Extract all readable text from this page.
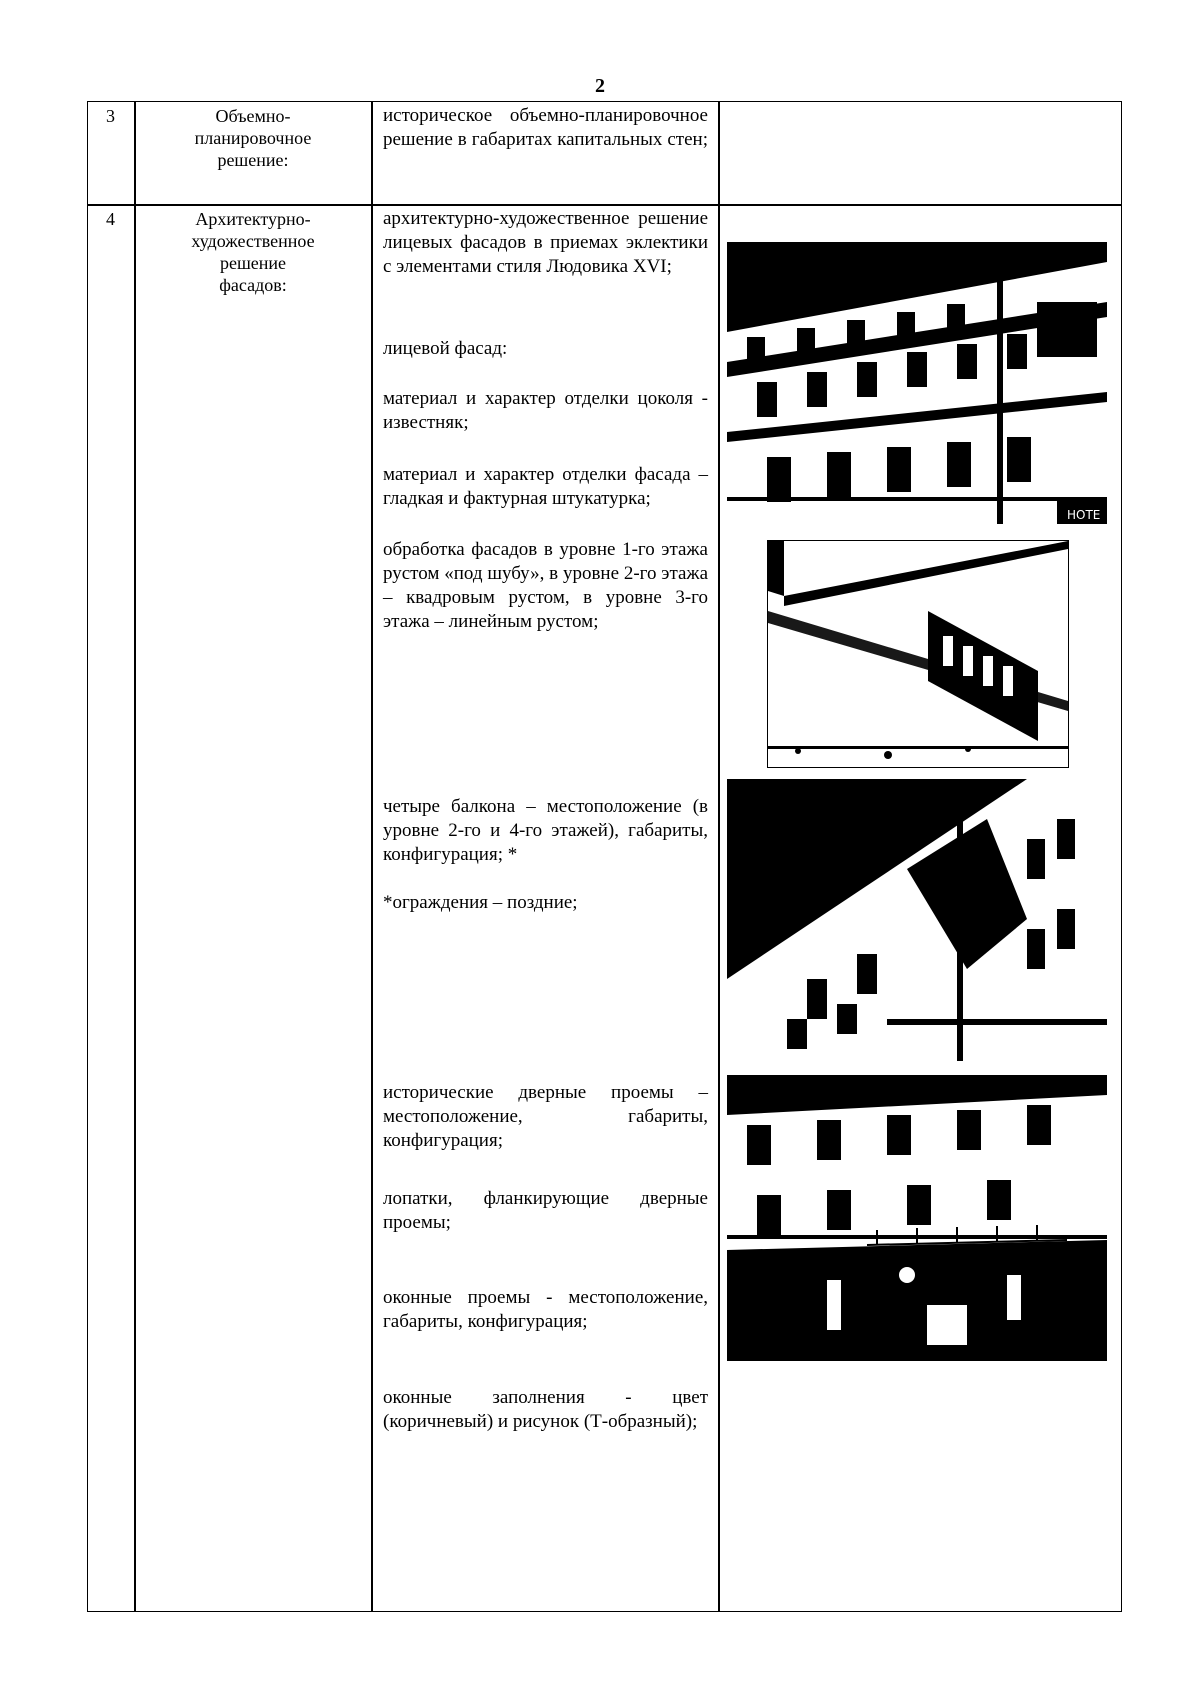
2
3	Объемно-
планировочное
решение:
историческое объемно-планировочное решение в габаритах капитальных стен;
4	Архитектурно-
художественное
решение
фасадов:
архитектурно-художественное решение лицевых фасадов в приемах эклектики с элементами стиля Людовика XVI;
лицевой фасад:
материал и характер отделки цоколя - известняк;
материал и характер отделки фасада – гладкая и фактурная штукатурка;
обработка фасадов в уровне 1-го этажа рустом «под шубу», в уровне 2-го этажа – квадровым рустом, в уровне 3-го этажа – линейным рустом;
четыре балкона – местоположение (в уровне 2-го и 4-го этажей), габариты, конфигурация; *
*ограждения – поздние;
исторические дверные проемы – местоположение, габариты, конфигурация;
лопатки, фланкирующие дверные проемы;
оконные проемы - местоположение, габариты, конфигурация;
оконные заполнения - цвет (коричневый) и рисунок (Т-образный);
НОТЕ
